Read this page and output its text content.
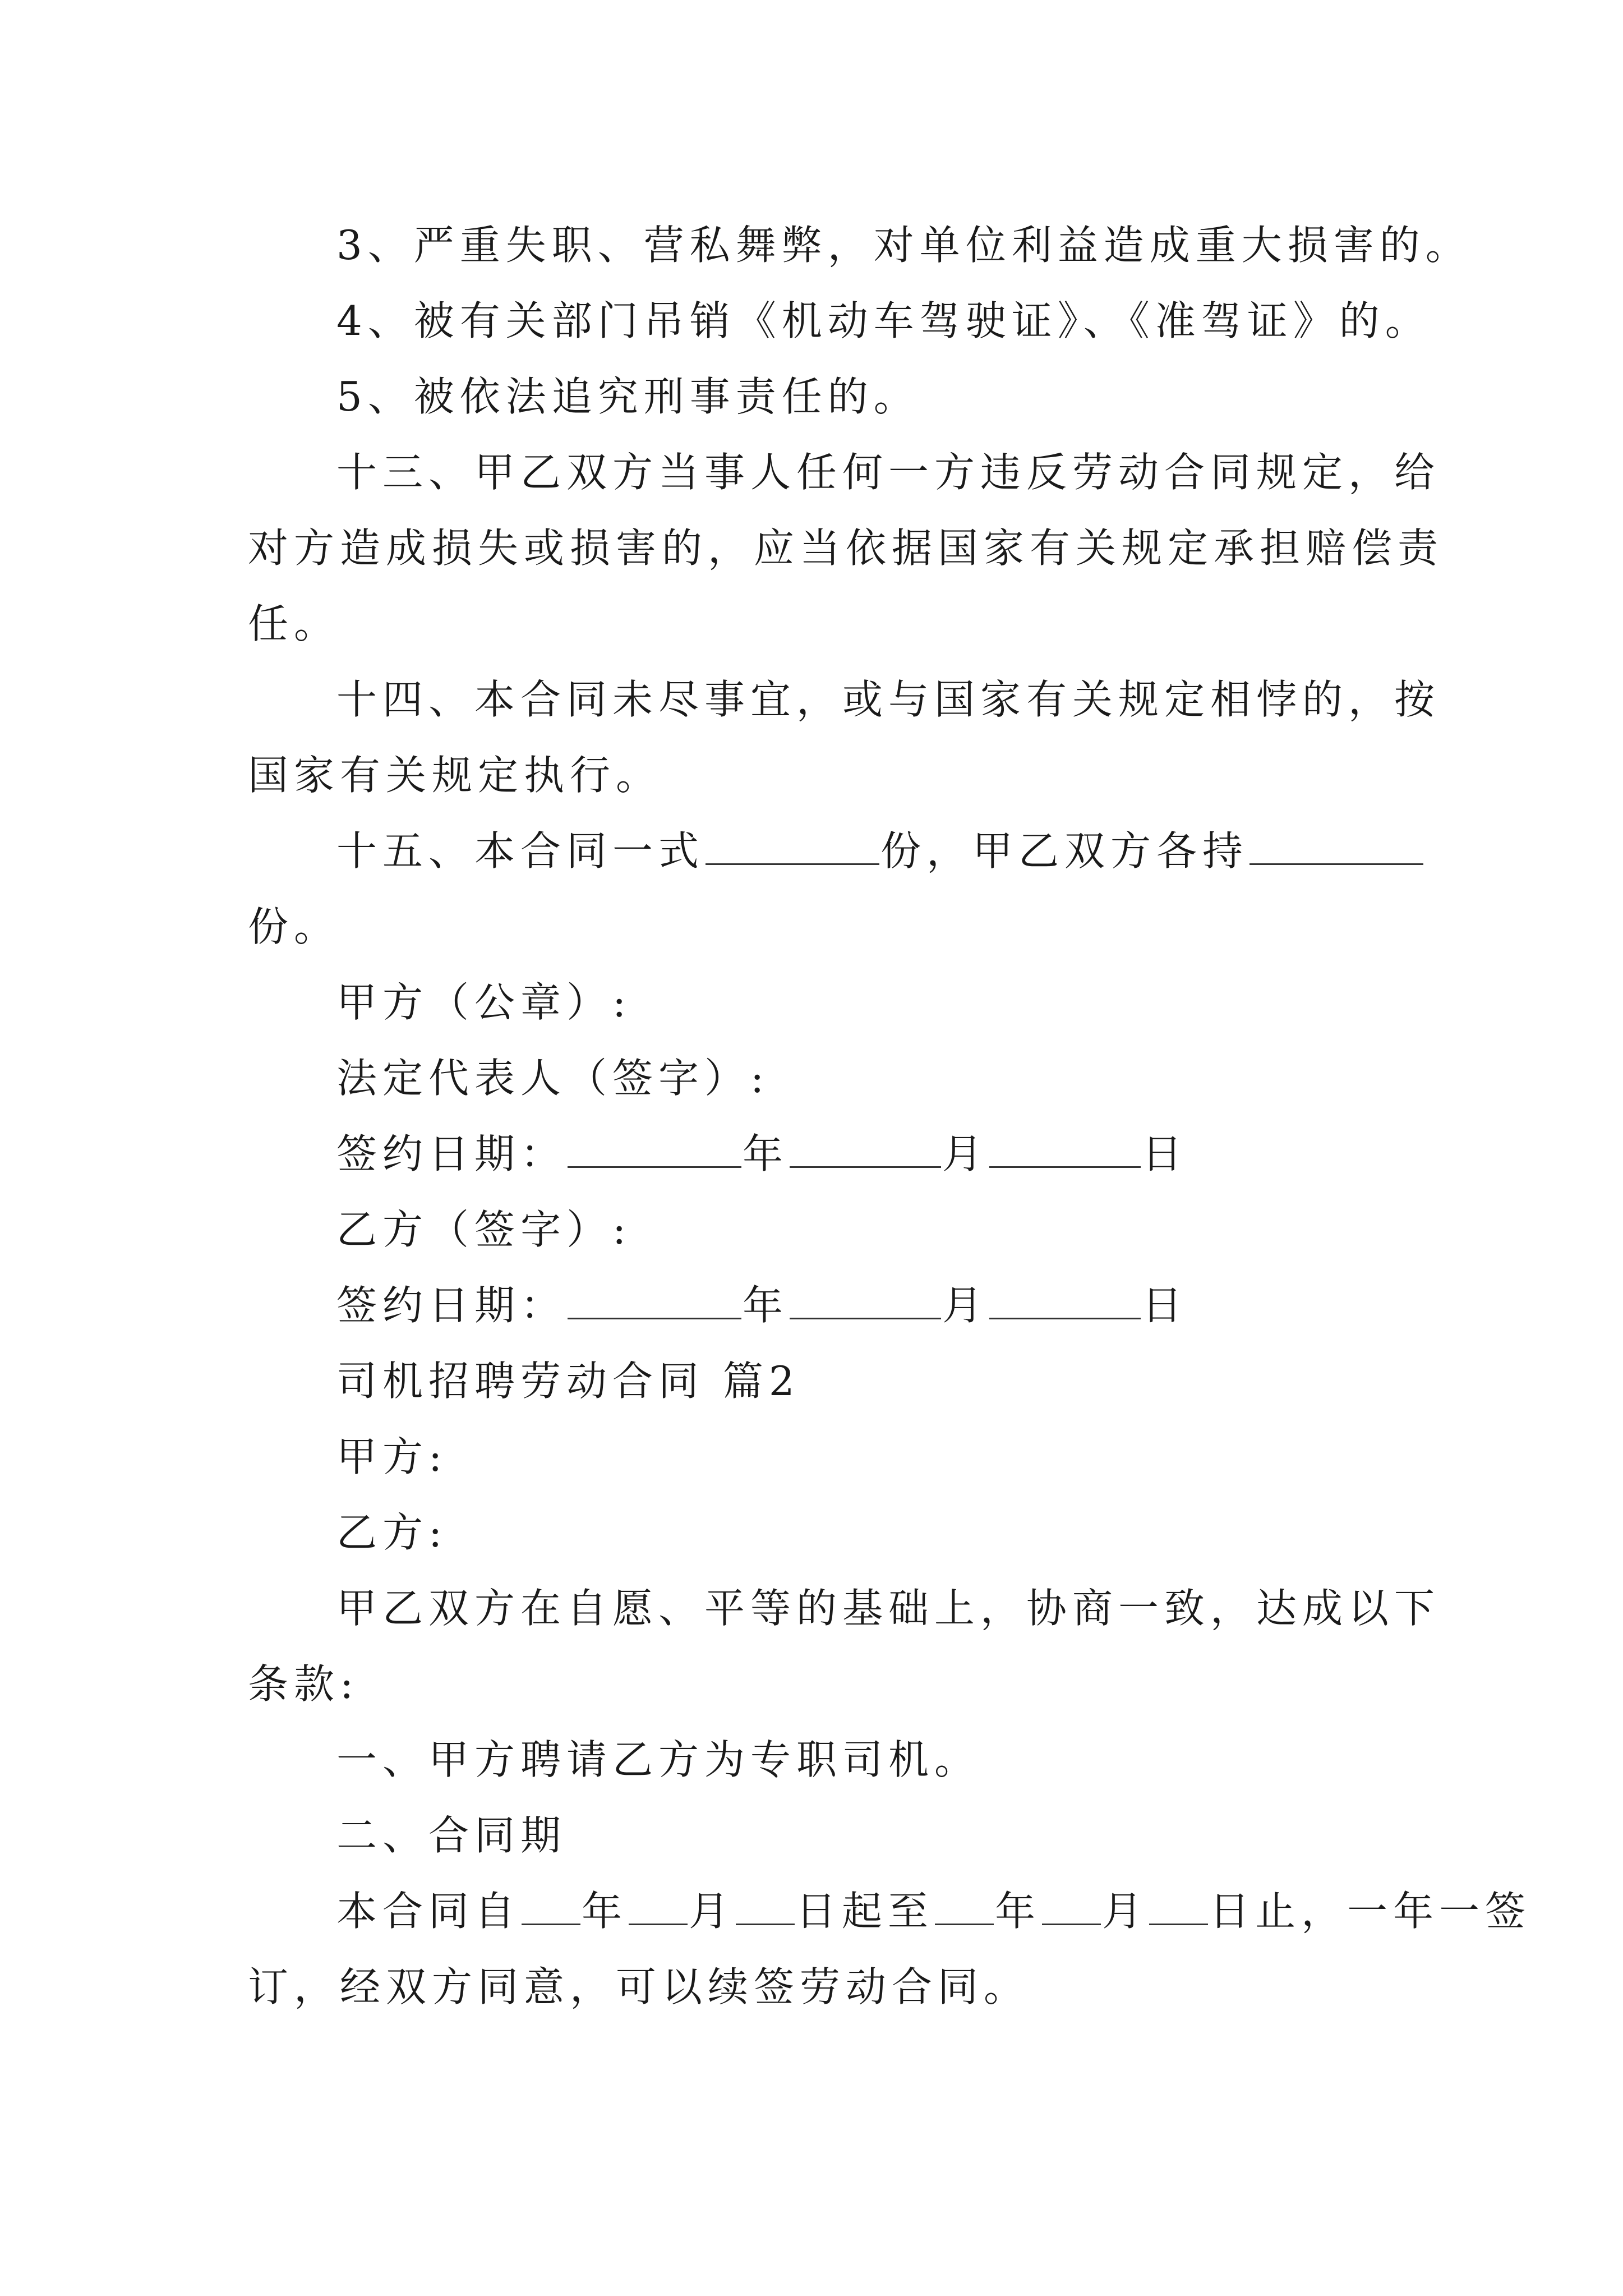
3、严重失职、营私舞弊，对单位利益造成重大损害的。
4、被有关部门吊销《机动车驾驶证》、《准驾证》的。
5、被依法追究刑事责任的。
十三、甲乙双方当事人任何一方违反劳动合同规定，给
对方造成损失或损害的，应当依据国家有关规定承担赔偿责
任。
十四、本合同未尽事宜，或与国家有关规定相悖的，按
国家有关规定执行。
十五、本合同一式	份，甲乙双方各持
份。
甲方（公章）:
法定代表人（签字）:
签约日期：	年	月	日
乙方（签字）:
签约日期：	年	月	日
司机招聘劳动合同 篇2
甲方:
乙方:
甲乙双方在自愿、平等的基础上，协商一致，达成以下
条款:
一、甲方聘请乙方为专职司机。
二、合同期
本合同自 年 月 日起至 年 月 日止，一年一签
订，经双方同意，可以续签劳动合同。
